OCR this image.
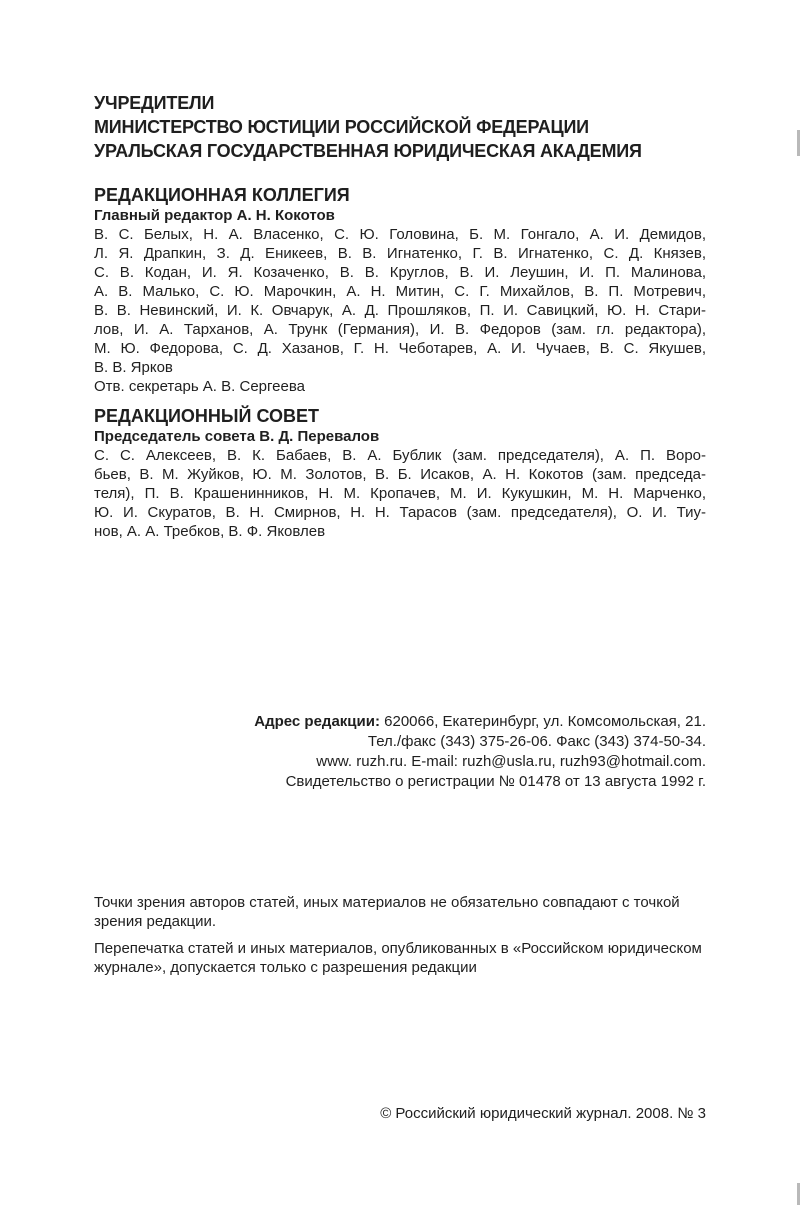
УЧРЕДИТЕЛИ
МИНИСТЕРСТВО ЮСТИЦИИ РОССИЙСКОЙ ФЕДЕРАЦИИ
УРАЛЬСКАЯ ГОСУДАРСТВЕННАЯ ЮРИДИЧЕСКАЯ АКАДЕМИЯ
РЕДАКЦИОННАЯ КОЛЛЕГИЯ
Главный редактор А. Н. Кокотов
В. С. Белых, Н. А. Власенко, С. Ю. Головина, Б. М. Гонгало, А. И. Демидов,
Л. Я. Драпкин, З. Д. Еникеев, В. В. Игнатенко, Г. В. Игнатенко, С. Д. Князев,
С. В. Кодан, И. Я. Козаченко, В. В. Круглов, В. И. Леушин, И. П. Малинова,
А. В. Малько, С. Ю. Марочкин, А. Н. Митин, С. Г. Михайлов, В. П. Мотревич,
В. В. Невинский, И. К. Овчарук, А. Д. Прошляков, П. И. Савицкий, Ю. Н. Стари-
лов, И. А. Тарханов, А. Трунк (Германия), И. В. Федоров (зам. гл. редактора),
М. Ю. Федорова, С. Д. Хазанов, Г. Н. Чеботарев, А. И. Чучаев, В. С. Якушев,
В. В. Ярков
Отв. секретарь А. В. Сергеева
РЕДАКЦИОННЫЙ СОВЕТ
Председатель совета В. Д. Перевалов
С. С. Алексеев, В. К. Бабаев, В. А. Бублик (зам. председателя), А. П. Воро-
бьев, В. М. Жуйков, Ю. М. Золотов, В. Б. Исаков, А. Н. Кокотов (зам. председа-
теля), П. В. Крашенинников, Н. М. Кропачев, М. И. Кукушкин, М. Н. Марченко,
Ю. И. Скуратов, В. Н. Смирнов, Н. Н. Тарасов (зам. председателя), О. И. Тиу-
нов, А. А. Требков, В. Ф. Яковлев
Адрес редакции: 620066, Екатеринбург, ул. Комсомольская, 21.
Тел./факс (343) 375-26-06. Факс (343) 374-50-34.
www. ruzh.ru. E-mail: ruzh@usla.ru, ruzh93@hotmail.com.
Свидетельство о регистрации № 01478 от 13 августа 1992 г.
Точки зрения авторов статей, иных материалов не обязательно совпадают с точкой зрения редакции.
Перепечатка статей и иных материалов, опубликованных в «Российском юридическом журнале», допускается только с разрешения редакции
© Российский юридический журнал. 2008. № 3
